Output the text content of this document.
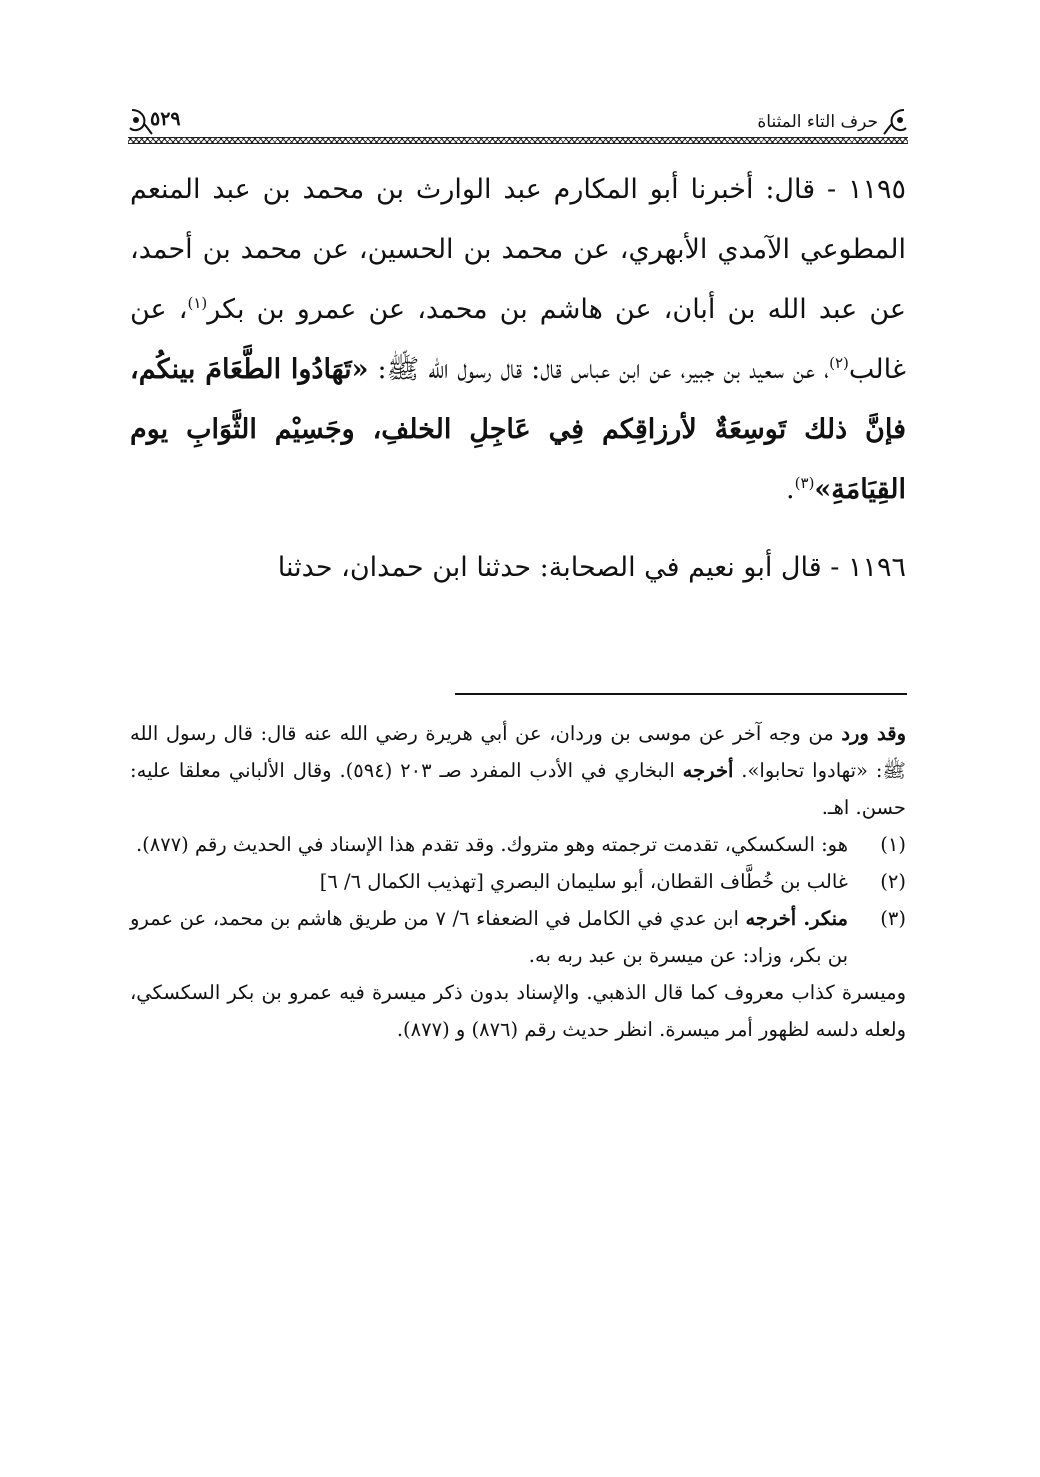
حرف التاء المثناة
٥٢٩

١١٩٥ - قال: أخبرنا أبو المكارم عبد الوارث بن محمد بن عبد المنعم المطوعي الآمدي الأبهري، عن محمد بن الحسين، عن محمد بن أحمد، عن عبد الله بن أبان، عن هاشم بن محمد، عن عمرو بن بكر$^{(١)}$، عن غالب$^{(٢)}$، عن سعيد بن جبير، عن ابن عباس قال: قال رسول الله ﷺ: «تَهَادُوا الطَّعَامَ بينكُم، فإنَّ ذلك تَوسِعَةٌ لأرزاقِكم فِي عَاجِلِ الخلفِ، وجَسِيْم الثَّوَابِ يوم القِيَامَةِ»$^{(٣)}$.

١١٩٦ - قال أبو نعيم في الصحابة: حدثنا ابن حمدان، حدثنا

وقد ورد من وجه آخر عن موسى بن وردان، عن أبي هريرة رضي الله عنه قال: قال رسول الله ﷺ: «تهادوا تحابوا». أخرجه البخاري في الأدب المفرد صـ ٢٠٣ (٥٩٤). وقال الألباني معلقا عليه: حسن. اهـ.

(١)
هو: السكسكي، تقدمت ترجمته وهو متروك. وقد تقدم هذا الإسناد في الحديث رقم (٨٧٧).

(٢)
غالب بن خُطَّاف القطان، أبو سليمان البصري [تهذيب الكمال ٦/ ٦]

(٣)
منكر. أخرجه ابن عدي في الكامل في الضعفاء ٦/ ٧ من طريق هاشم بن محمد، عن عمرو بن بكر، وزاد: عن ميسرة بن عبد ربه به.

وميسرة كذاب معروف كما قال الذهبي. والإسناد بدون ذكر ميسرة فيه عمرو بن بكر السكسكي، ولعله دلسه لظهور أمر ميسرة. انظر حديث رقم (٨٧٦) و (٨٧٧).
